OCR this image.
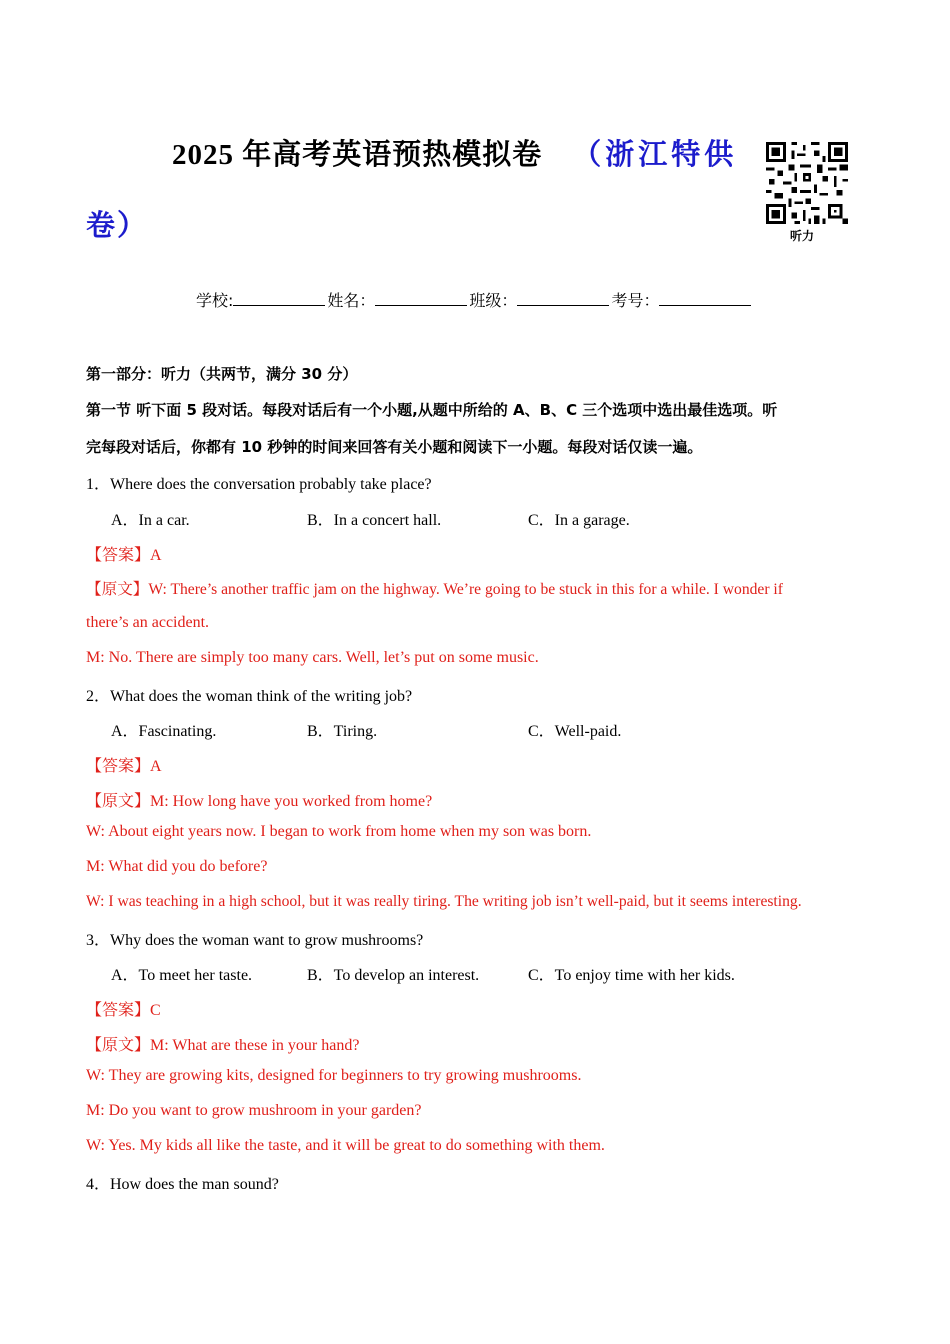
2025 年高考英语预热模拟卷 （浙江特供
卷）	听力
学校:	姓名：	班级：	考号：
第一部分：听力（共两节，满分 30 分）
第一节 听下面 5 段对话。每段对话后有一个小题,从题中所给的 A、B、C 三个选项中选出最佳选项。听
完每段对话后，你都有 10 秒钟的时间来回答有关小题和阅读下一小题。每段对话仅读一遍。
1．Where does the conversation probably take place?
A．In a car.	B．In a concert hall.	C．In a garage.
【答案】A
【原文】W: There’s another traffic jam on the highway. We’re going to be stuck in this for a while. I wonder if
there’s an accident.
M: No. There are simply too many cars. Well, let’s put on some music.
2．What does the woman think of the writing job?
A．Fascinating.	B．Tiring.	C．Well-paid.
【答案】A
【原文】M: How long have you worked from home?
W: About eight years now. I began to work from home when my son was born.
M: What did you do before?
W: I was teaching in a high school, but it was really tiring. The writing job isn’t well-paid, but it seems interesting.
3．Why does the woman want to grow mushrooms?
A．To meet her taste.	B．To develop an interest.	C．To enjoy time with her kids.
【答案】C
【原文】M: What are these in your hand?
W: They are growing kits, designed for beginners to try growing mushrooms.
M: Do you want to grow mushroom in your garden?
W: Yes. My kids all like the taste, and it will be great to do something with them.
4．How does the man sound?
